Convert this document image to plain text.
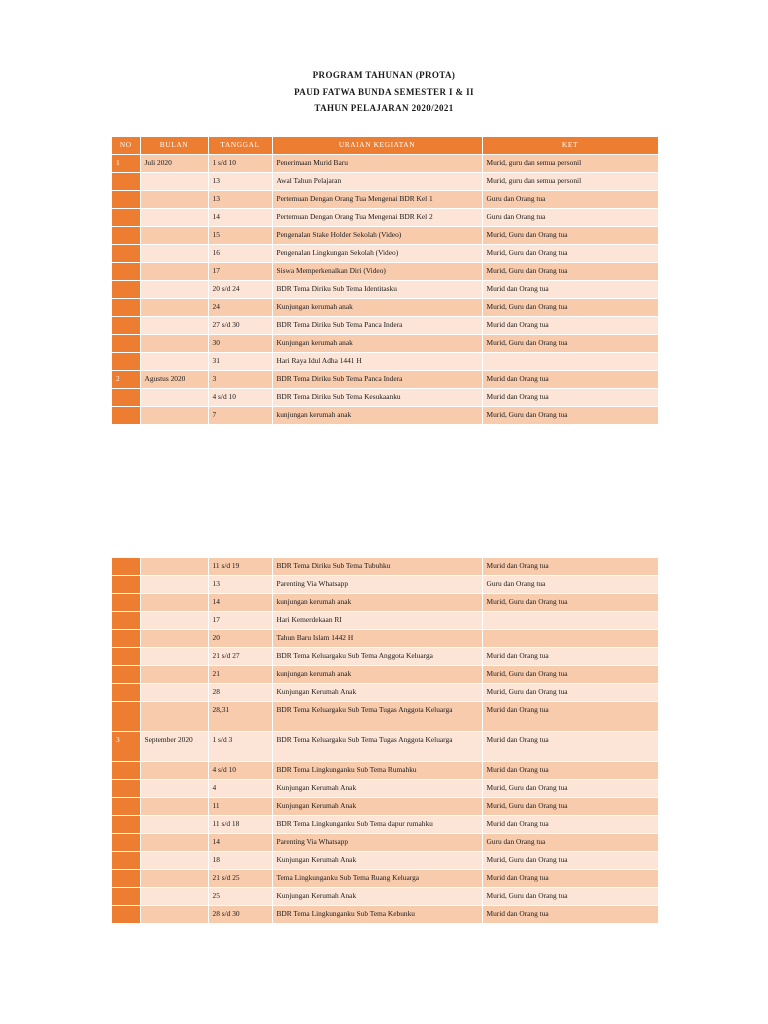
PROGRAM TAHUNAN (PROTA)
PAUD FATWA BUNDA SEMESTER I & II
TAHUN PELAJARAN 2020/2021
NO	BULAN	TANGGAL	URAIAN KEGIATAN	KET
1	Juli 2020	1 s/d 10	Penerimaan Murid Baru	Murid, guru dan semua personil
		13	Awal Tahun Pelajaran	Murid, guru dan semua personil
		13	Pertemuan Dengan Orang Tua Mengenai BDR Kel 1	Guru dan Orang tua
		14	Pertemuan Dengan Orang Tua Mengenai BDR Kel 2	Guru dan Orang tua
		15	Pengenalan Stake Holder Sekolah (Video)	Murid, Guru dan Orang tua
		16	Pengenalan Lingkungan Sekolah (Video)	Murid, Guru dan Orang tua
		17	Siswa Memperkenalkan Diri (Video)	Murid, Guru dan Orang tua
		20 s/d 24	BDR Tema Diriku Sub Tema Identitasku	Murid dan Orang tua
		24	Kunjungan kerumah anak	Murid, Guru dan Orang tua
		27 s/d 30	BDR Tema Diriku Sub Tema Panca Indera	Murid dan Orang tua
		30	Kunjungan kerumah anak	Murid, Guru dan Orang tua
		31	Hari Raya Idul Adha 1441 H	
2	Agustus 2020	3	BDR Tema Diriku Sub Tema Panca Indera	Murid dan Orang tua
		4 s/d 10	BDR Tema Diriku Sub Tema Kesukaanku	Murid dan Orang tua
		7	kunjungan kerumah anak	Murid, Guru dan Orang tua
		11 s/d 19	BDR Tema Diriku Sub Tema Tubuhku	Murid dan Orang tua
		13	Parenting Via Whatsapp	Guru dan Orang tua
		14	kunjungan kerumah anak	Murid, Guru dan Orang tua
		17	Hari Kemerdekaan RI	
		20	Tahun Baru Islam 1442 H	
		21 s/d 27	BDR Tema Keluargaku Sub Tema Anggota Keluarga	Murid dan Orang tua
		21	kunjungan kerumah anak	Murid, Guru dan Orang tua
		28	Kunjungan Kerumah Anak	Murid, Guru dan Orang tua
		28,31	BDR Tema Keluargaku Sub Tema Tugas Anggota Keluarga	Murid dan Orang tua
3	September 2020	1 s/d 3	BDR Tema Keluargaku Sub Tema Tugas Anggota Keluarga	Murid dan Orang tua
		4 s/d 10	BDR Tema Lingkunganku Sub Tema Rumahku	Murid dan Orang tua
		4	Kunjungan Kerumah Anak	Murid, Guru dan Orang tua
		11	Kunjungan Kerumah Anak	Murid, Guru dan Orang tua
		11 s/d 18	BDR Tema Lingkunganku Sub Tema dapur rumahku	Murid dan Orang tua
		14	Parenting Via Whatsapp	Guru dan Orang tua
		18	Kunjungan Kerumah Anak	Murid, Guru dan Orang tua
		21 s/d 25	Tema Lingkunganku Sub Tema Ruang Keluarga	Murid dan Orang tua
		25	Kunjungan Kerumah Anak	Murid, Guru dan Orang tua
		28 s/d 30	BDR Tema Lingkunganku Sub Tema Kebunku	Murid dan Orang tua
